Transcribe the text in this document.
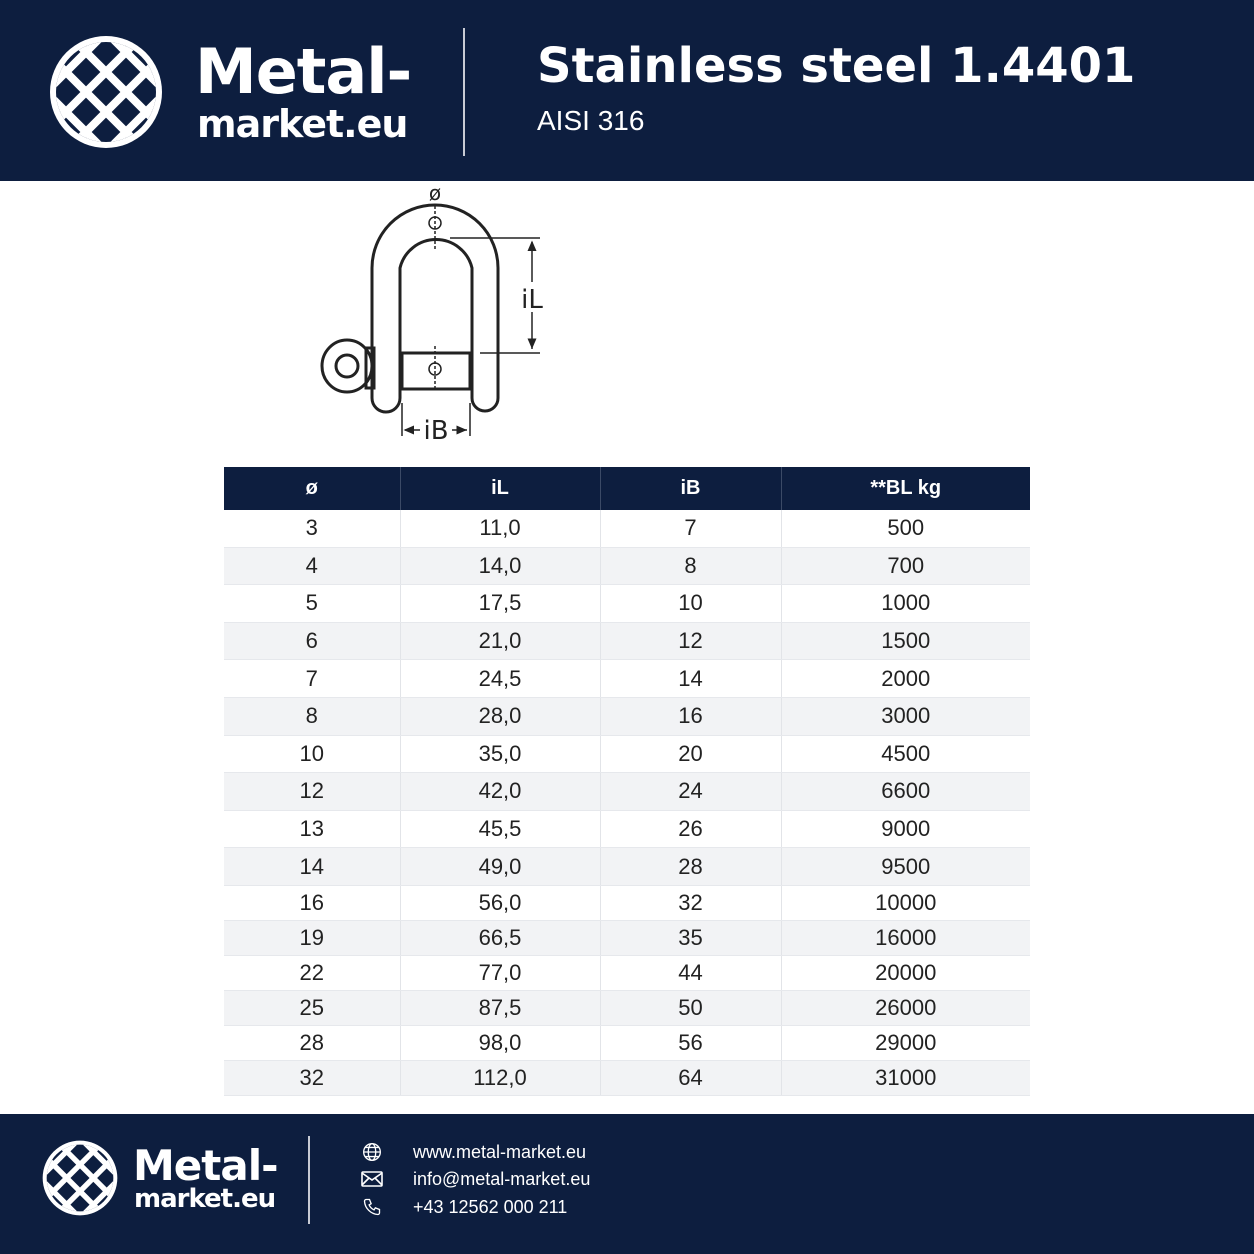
Metal-
market.eu
Stainless steel 1.4401
AISI 316
ø
iL
iB
ø	iL	iB	**BL kg
3	11,0	7	500
4	14,0	8	700
5	17,5	10	1000
6	21,0	12	1500
7	24,5	14	2000
8	28,0	16	3000
10	35,0	20	4500
12	42,0	24	6600
13	45,5	26	9000
14	49,0	28	9500
16	56,0	32	10000
19	66,5	35	16000
22	77,0	44	20000
25	87,5	50	26000
28	98,0	56	29000
32	112,0	64	31000
Metal-
market.eu
www.metal-market.eu
info@metal-market.eu
+43 12562 000 211
